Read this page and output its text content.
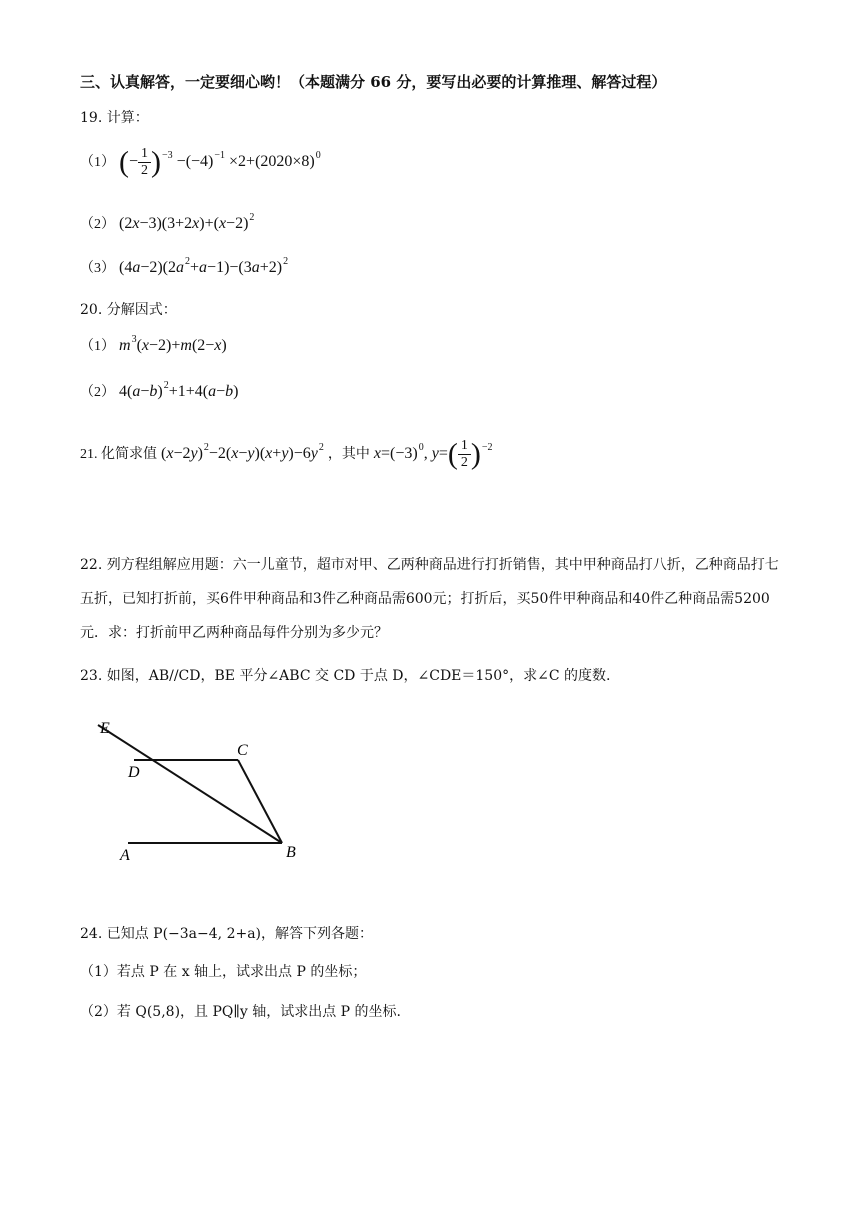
三、认真解答，一定要细心哟！（本题满分 66 分，要写出必要的计算推理、解答过程）
19. 计算：
（1） (− $\frac{1}{2} )^{-3} -(-4)^{-1} \times 2+(2020\times 8)^0$
（2） $(2x-3)(3+2x)+(x-2)^2$
（3） $(4a-2)(2a^2+a-1)-(3a+2)^2$
20. 分解因式：
（1） $m^3(x-2)+m(2-x)$
（2） $4(a-b)^2+1+4(a-b)$
21. 化简求值 $(x-2y)^2-2(x-y)(x+y)-6y^2$ ，其中 $x=(-3)^0$, $y=( \frac{1}{2} )^{-2}$
22. 列方程组解应用题：六一儿童节，超市对甲、乙两种商品进行打折销售，其中甲种商品打八折，乙种商品打七五折，已知打折前，买6件甲种商品和3件乙种商品需600元；打折后，买50件甲种商品和40件乙种商品需5200元．求：打折前甲乙两种商品每件分别为多少元？
23. 如图，AB//CD，BE 平分∠ABC 交 CD 于点 D，∠CDE＝150°，求∠C 的度数.
E
D
C
A	B
24. 已知点 P(−3a−4, 2+a)，解答下列各题：
（1）若点 P 在 x 轴上，试求出点 P 的坐标；
（2）若 Q(5,8)，且 PQ∥y 轴，试求出点 P 的坐标.
